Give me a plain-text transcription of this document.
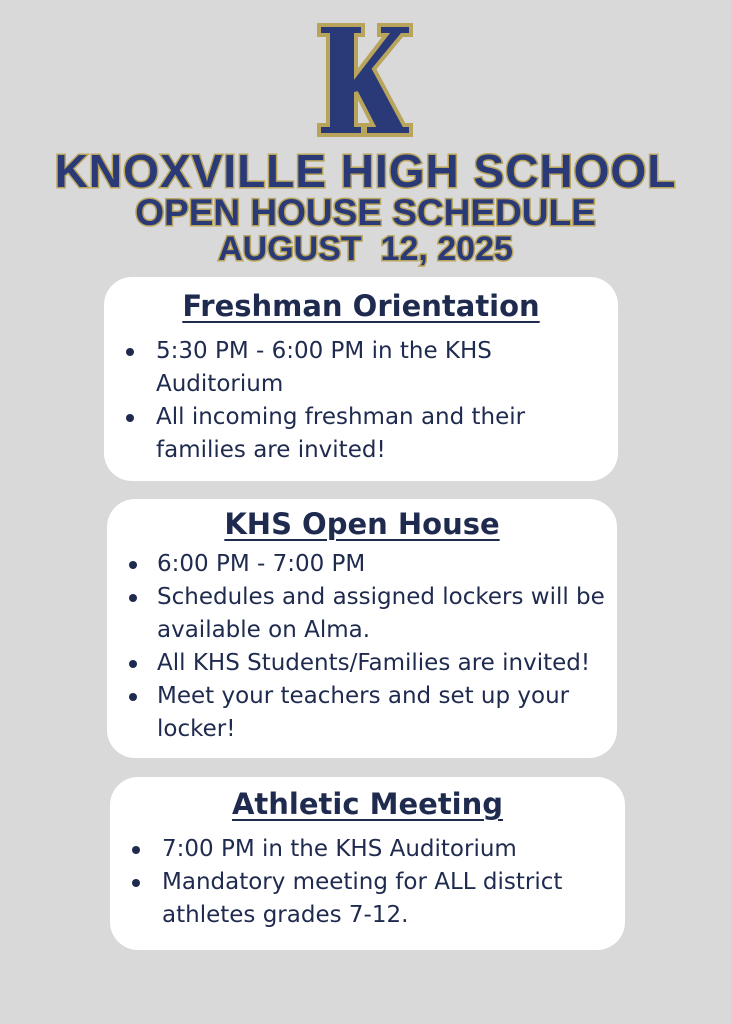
KNOXVILLE HIGH SCHOOL
OPEN HOUSE SCHEDULE
AUGUST  12, 2025
Freshman Orientation
5:30 PM - 6:00 PM in the KHS Auditorium
All incoming freshman and their families are invited!
KHS Open House
6:00 PM - 7:00 PM
Schedules and assigned lockers will be available on Alma.
All KHS Students/Families are invited!
Meet your teachers and set up your locker!
Athletic Meeting
7:00 PM in the KHS Auditorium
Mandatory meeting for ALL district athletes grades 7-12.
